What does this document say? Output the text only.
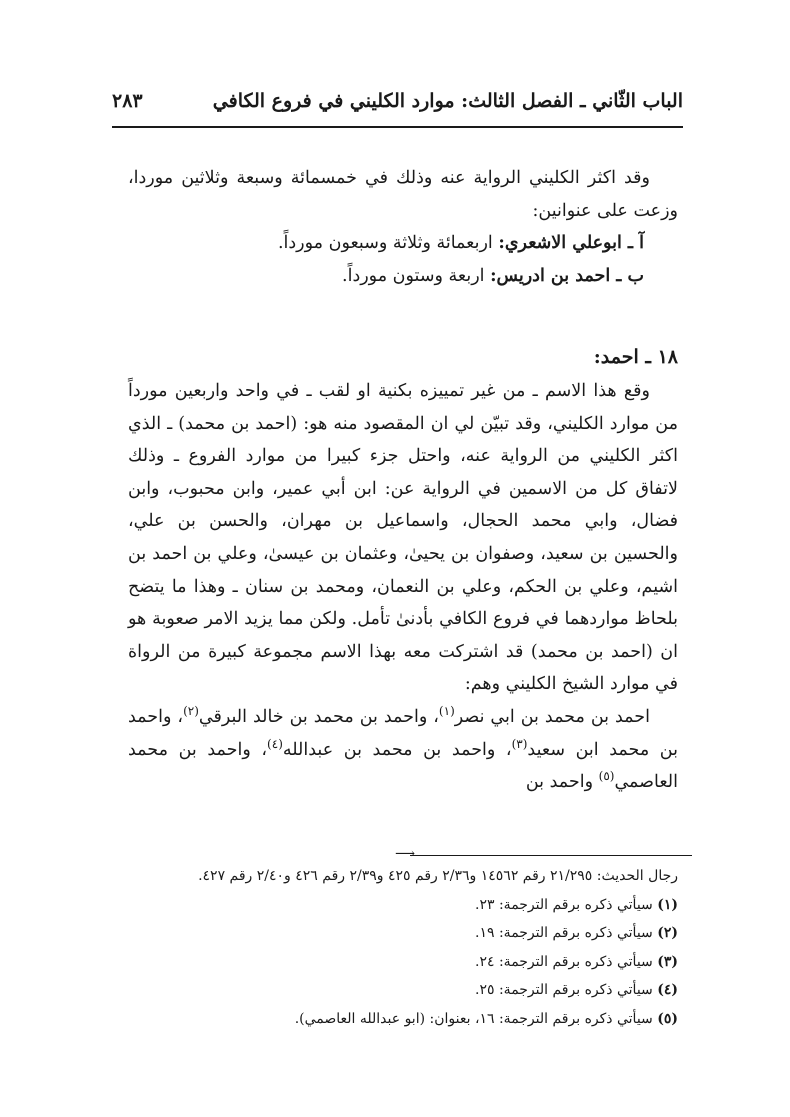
الباب الثّاني ـ الفصل الثالث: موارد الكليني في فروع الكافي
٢٨٣

وقد اكثر الكليني الرواية عنه وذلك في خمسمائة وسبعة وثلاثين موردا، وزعت على عنوانين:

آ ـ ابوعلي الاشعري: اربعمائة وثلاثة وسبعون مورداً.

ب ـ احمد بن ادريس: اربعة وستون مورداً.

١٨ ـ احمد:

وقع هذا الاسم ـ من غير تمييزه بكنية او لقب ـ في واحد واربعين مورداً من موارد الكليني، وقد تبيّن لي ان المقصود منه هو: (احمد بن محمد) ـ الذي اكثر الكليني من الرواية عنه، واحتل جزء كبيرا من موارد الفروع ـ وذلك لاتفاق كل من الاسمين في الرواية عن: ابن أبي عمير، وابن محبوب، وابن فضال، وابي محمد الحجال، واسماعيل بن مهران، والحسن بن علي، والحسين بن سعيد، وصفوان بن يحيىٰ، وعثمان بن عيسىٰ، وعلي بن احمد بن اشيم، وعلي بن الحكم، وعلي بن النعمان، ومحمد بن سنان ـ وهذا ما يتضح بلحاظ مواردهما في فروع الكافي بأدنىٰ تأمل. ولكن مما يزيد الامر صعوبة هو ان (احمد بن محمد) قد اشتركت معه بهذا الاسم مجموعة كبيرة من الرواة في موارد الشيخ الكليني وهم:

احمد بن محمد بن ابي نصر$^{(١)}$، واحمد بن محمد بن خالد البرقي$^{(٢)}$، واحمد بن محمد ابن سعيد$^{(٣)}$، واحمد بن محمد بن عبدالله$^{(٤)}$، واحمد بن محمد العاصمي$^{(٥)}$ واحمد بن

⟶

رجال الحديث: ٢١/٢٩٥ رقم ١٤٥٦٢ و٢/٣٦ رقم ٤٢٥ و٢/٣٩ رقم ٤٢٦ و٢/٤٠ رقم ٤٢٧.

(١) سيأتي ذكره برقم الترجمة: ٢٣.

(٢) سيأتي ذكره برقم الترجمة: ١٩.

(٣) سيأتي ذكره برقم الترجمة: ٢٤.

(٤) سيأتي ذكره برقم الترجمة: ٢٥.

(٥) سيأتي ذكره برقم الترجمة: ١٦، بعنوان: (ابو عبدالله العاصمي).
